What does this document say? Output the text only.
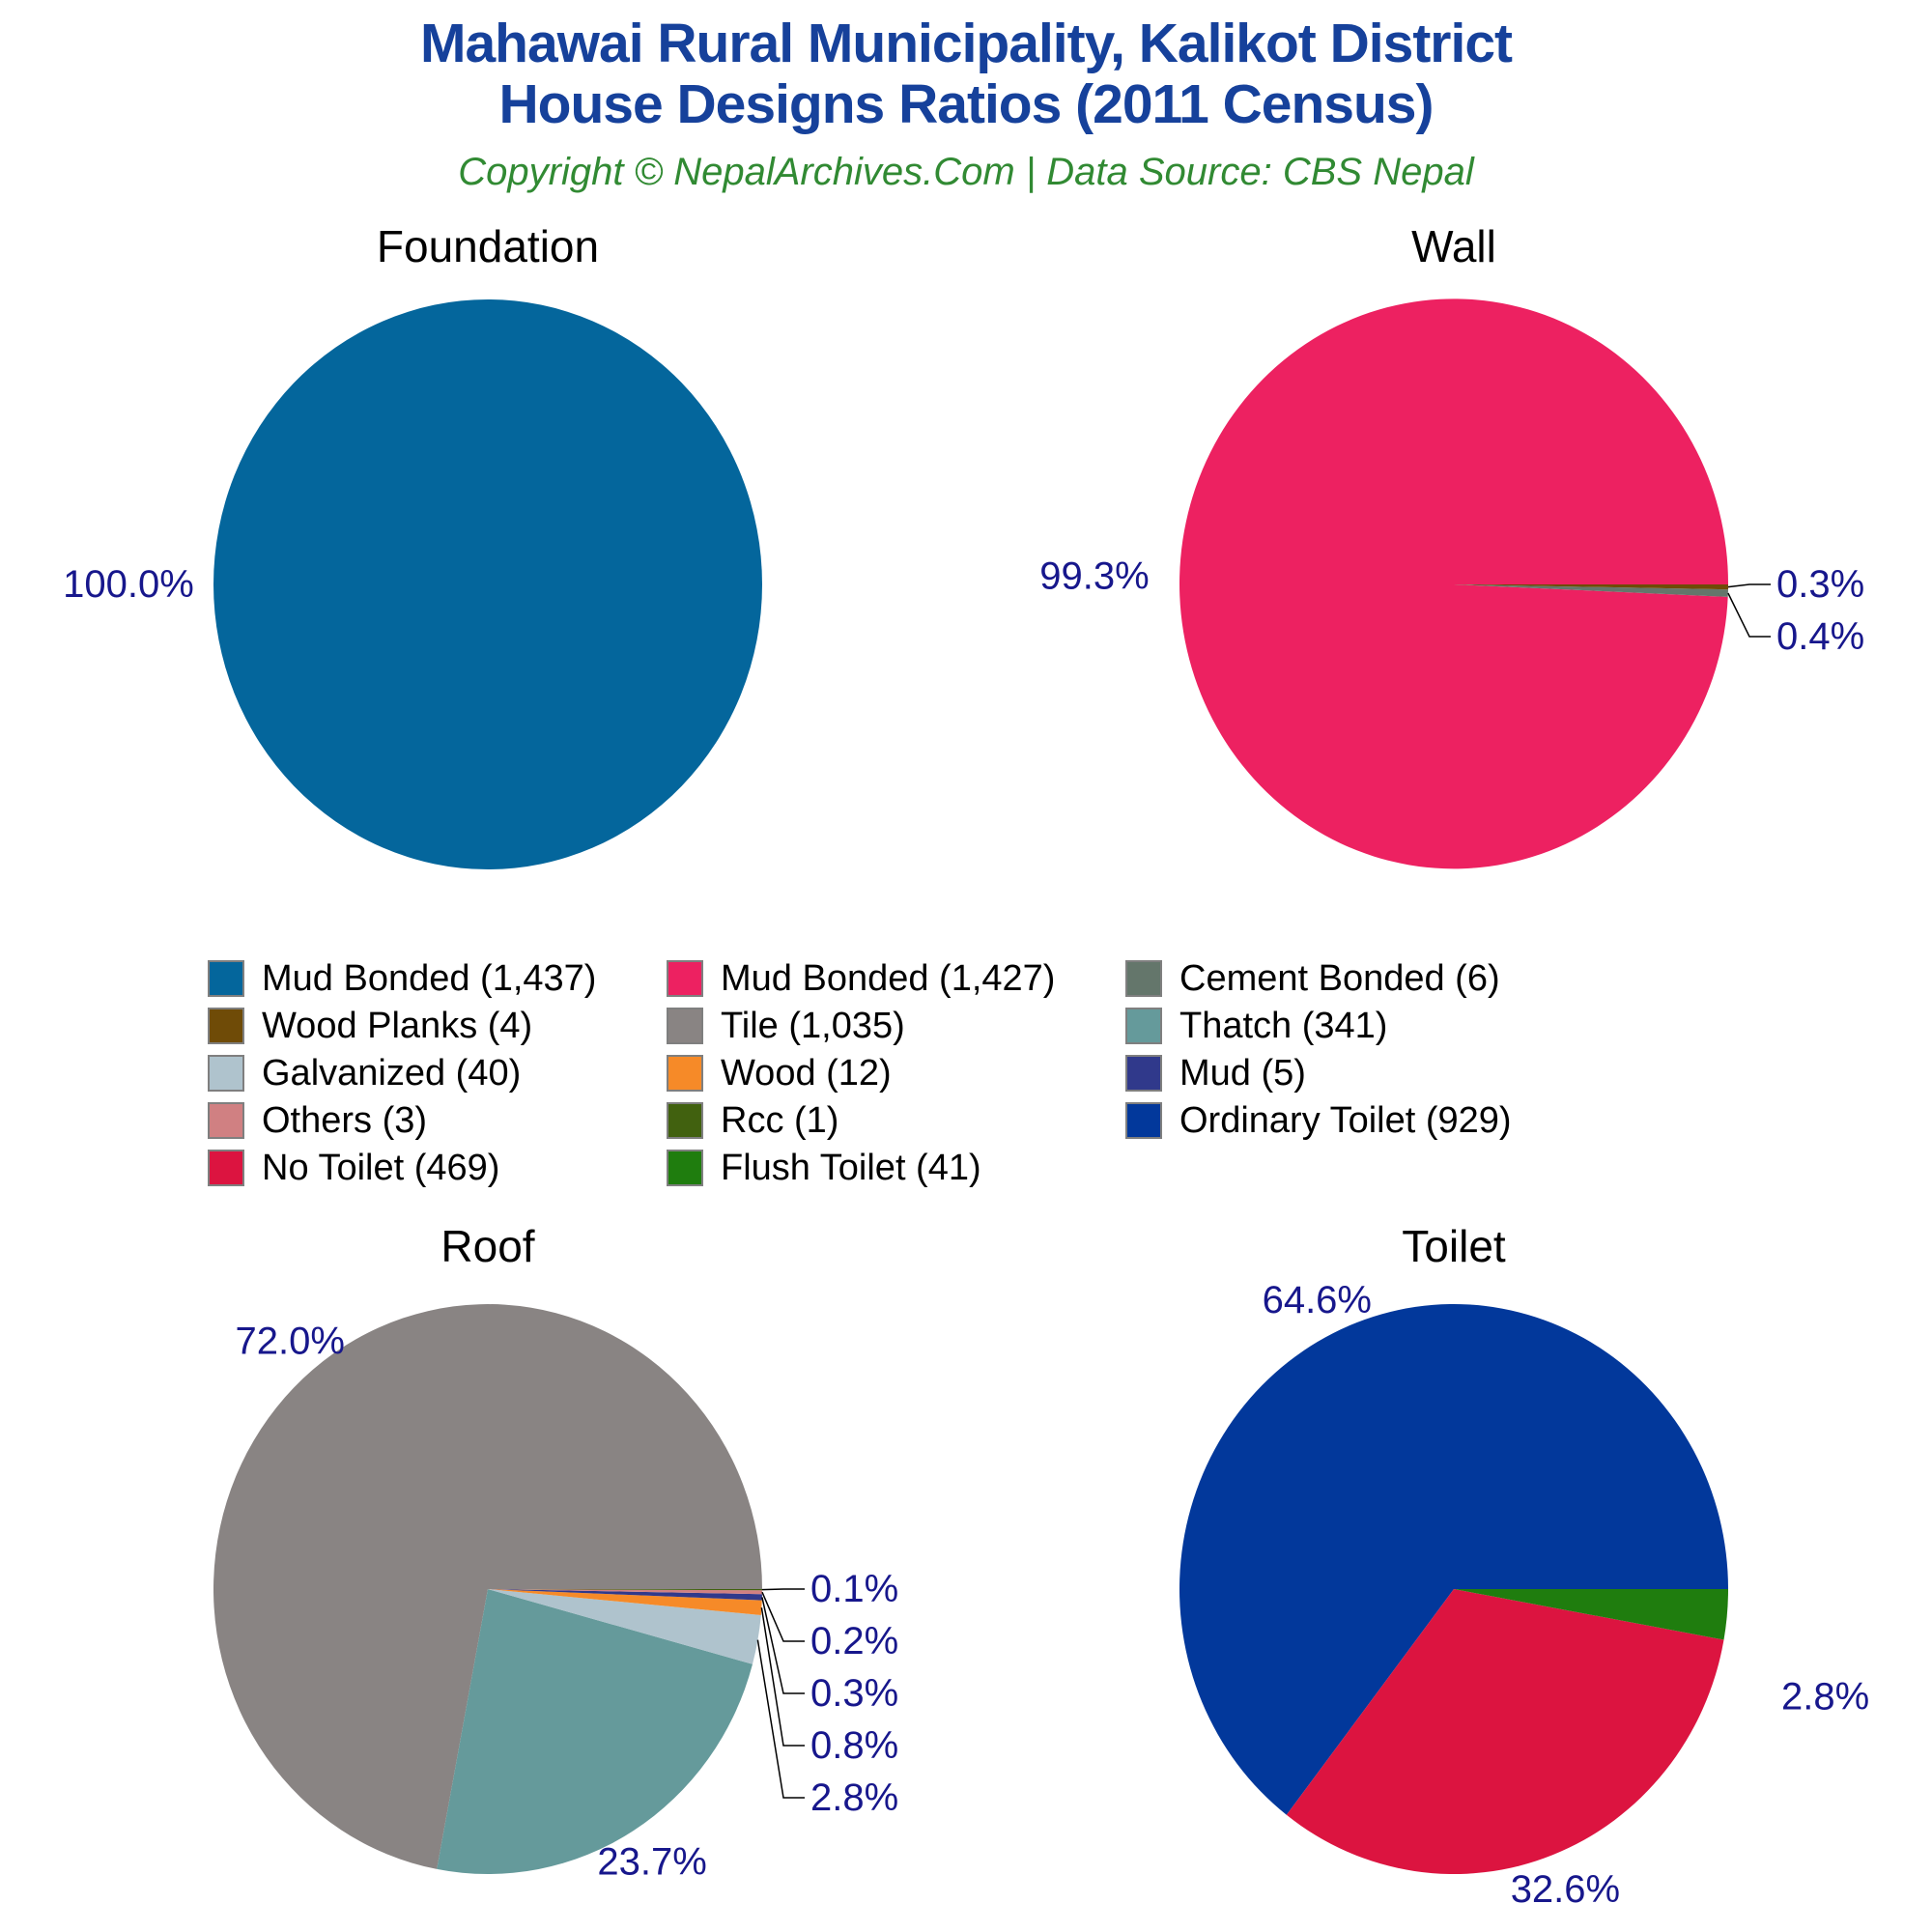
Mahawai Rural Municipality, Kalikot District
House Designs Ratios (2011 Census)
Copyright © NepalArchives.Com | Data Source: CBS Nepal
Foundation	Wall
Roof	Toilet
100.0%	99.3%	0.3%
0.4%
72.0%
23.7%
0.1%
0.2%
0.3%
0.8%
2.8%
64.6%
32.6%
2.8%
Mud Bonded (1,437)
Wood Planks (4)
Galvanized (40)
Others (3)
No Toilet (469)
Mud Bonded (1,427)
Tile (1,035)
Wood (12)
Rcc (1)
Flush Toilet (41)
Cement Bonded (6)
Thatch (341)
Mud (5)
Ordinary Toilet (929)
